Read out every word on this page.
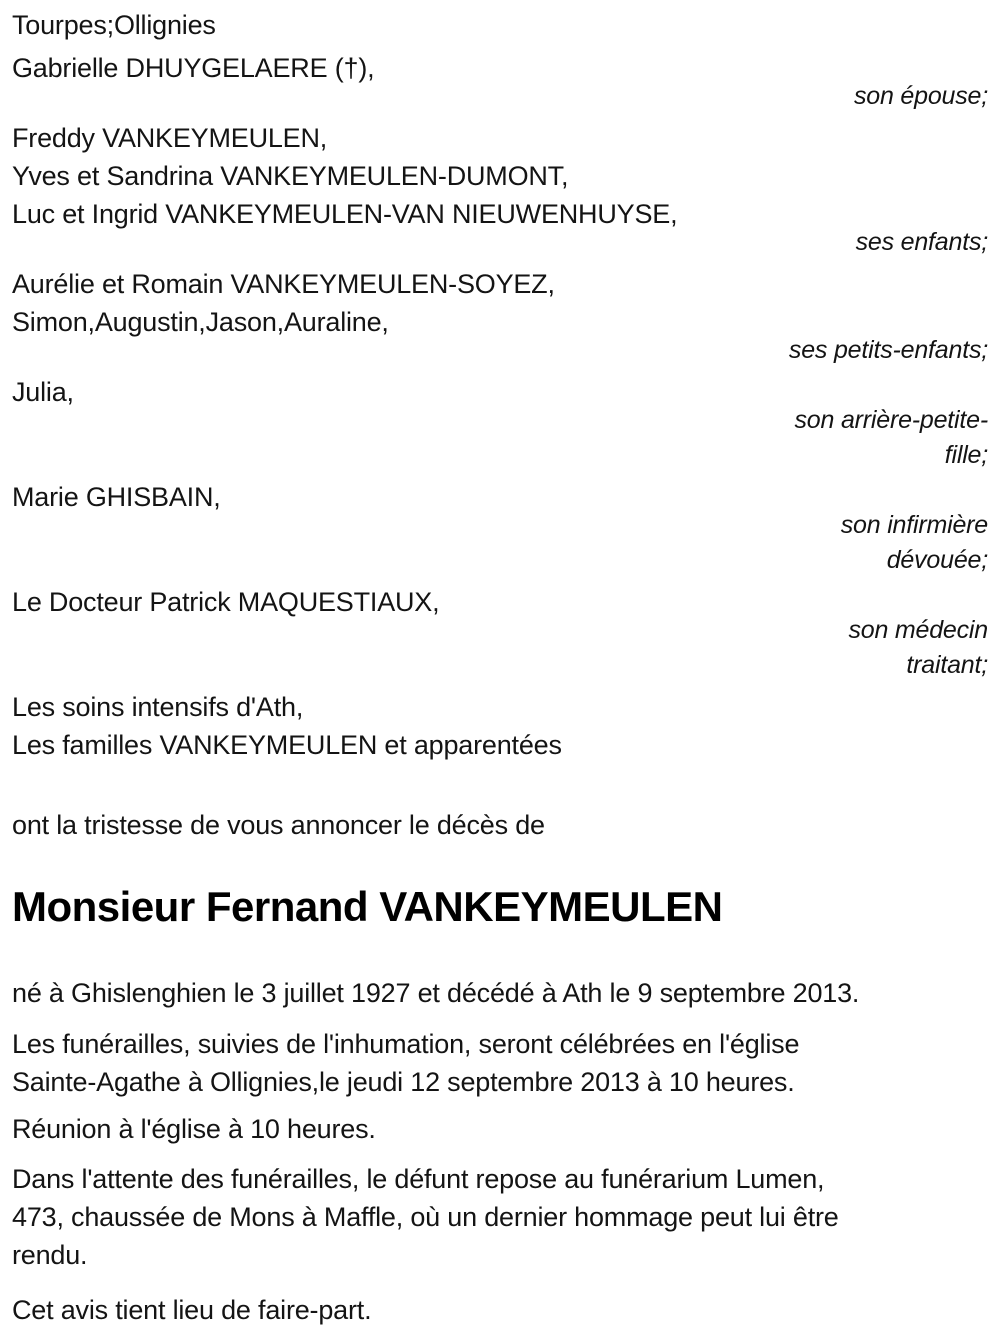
Tourpes;Ollignies
Gabrielle DHUYGELAERE (†),
son épouse;
Freddy VANKEYMEULEN,
Yves et Sandrina VANKEYMEULEN-DUMONT,
Luc et Ingrid VANKEYMEULEN-VAN NIEUWENHUYSE,
ses enfants;
Aurélie et Romain VANKEYMEULEN-SOYEZ,
Simon,Augustin,Jason,Auraline,
ses petits-enfants;
Julia,
son arrière-petite-
fille;
Marie GHISBAIN,
son infirmière
dévouée;
Le Docteur Patrick MAQUESTIAUX,
son médecin
traitant;
Les soins intensifs d'Ath,
Les familles VANKEYMEULEN et apparentées
ont la tristesse de vous annoncer le décès de
Monsieur Fernand VANKEYMEULEN
né à Ghislenghien le 3 juillet 1927 et décédé à Ath le 9 septembre 2013.
Les funérailles, suivies de l'inhumation, seront célébrées en l'église
Sainte-Agathe à Ollignies,le jeudi 12 septembre 2013 à 10 heures.
Réunion à l'église à 10 heures.
Dans l'attente des funérailles, le défunt repose au funérarium Lumen,
473, chaussée de Mons à Maffle, où un dernier hommage peut lui être
rendu.
Cet avis tient lieu de faire-part.
